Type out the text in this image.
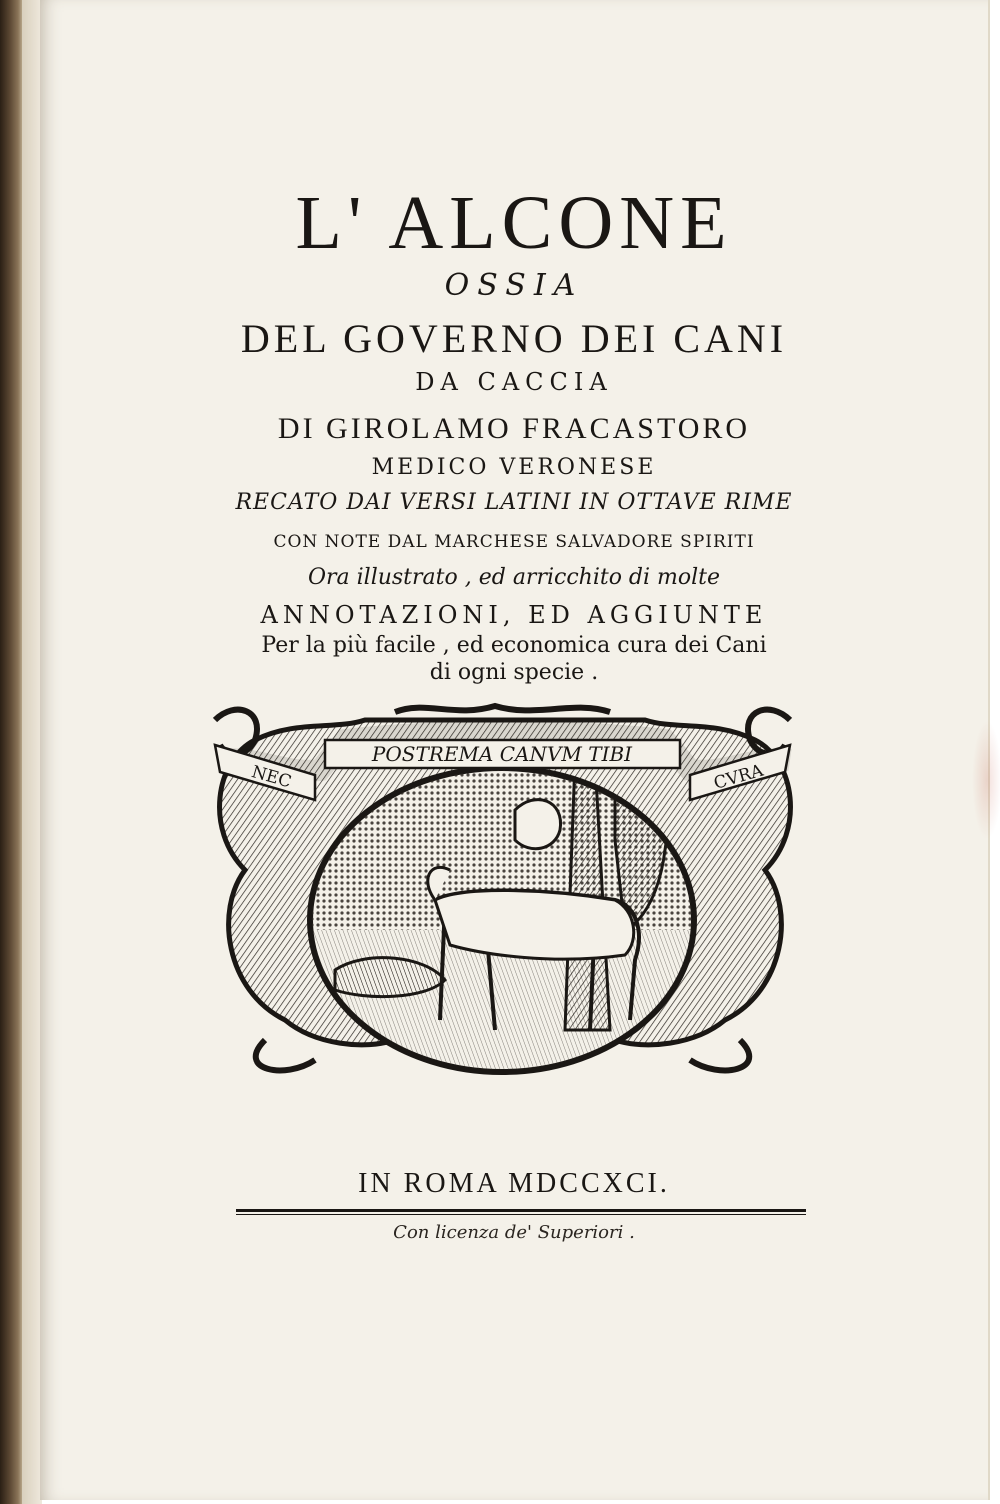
L' ALCONE
OSSIA
DEL GOVERNO DEI CANI
DA CACCIA
DI GIROLAMO FRACASTORO
MEDICO VERONESE
RECATO DAI VERSI LATINI IN OTTAVE RIME
CON NOTE DAL MARCHESE SALVADORE SPIRITI
Ora illustrato , ed arricchito di molte
ANNOTAZIONI, ED AGGIUNTE
Per la più facile , ed economica cura dei Cani
di ogni specie .
NEC
POSTREMA CANVM TIBI
CVRA
IN ROMA MDCCXCI.
Con licenza de' Superiori .
